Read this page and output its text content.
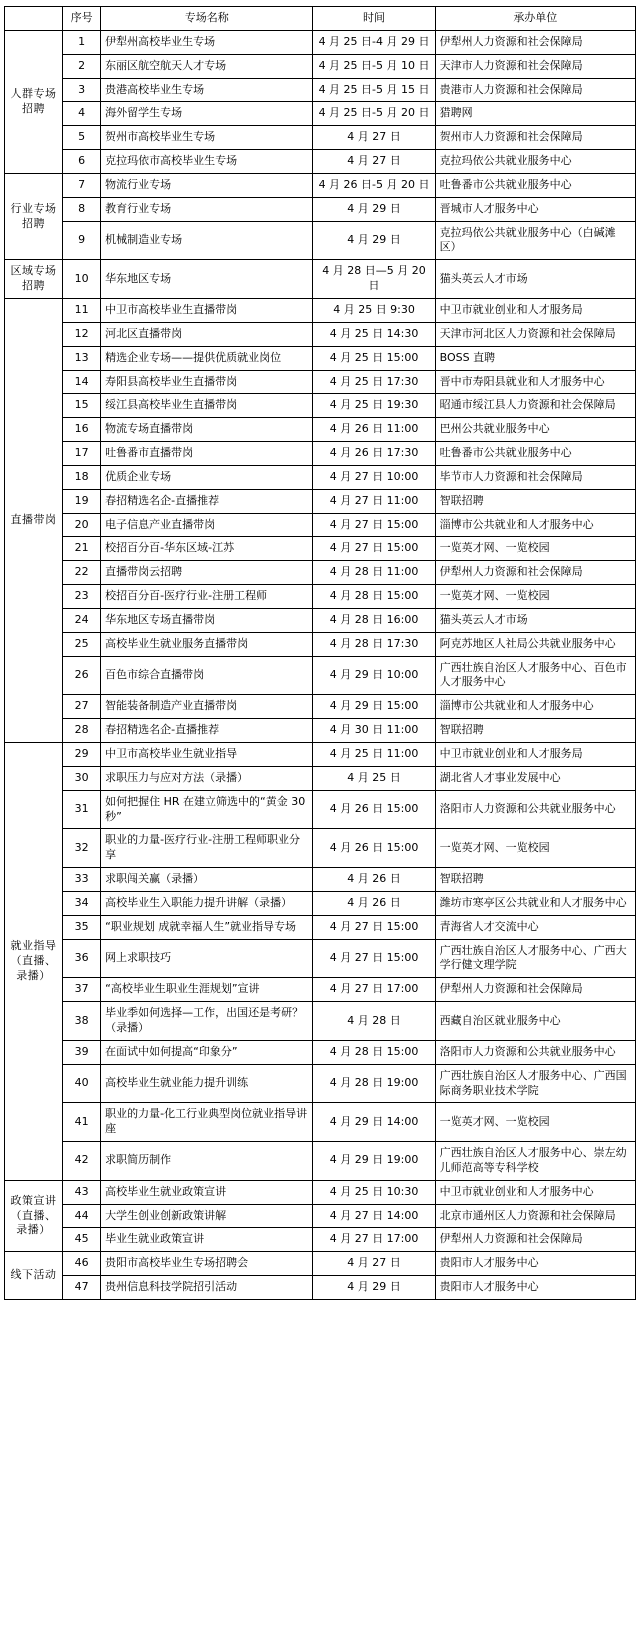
	序号	专场名称	时间	承办单位

人群专场招聘	1	伊犁州高校毕业生专场	4 月 25 日-4 月 29 日	伊犁州人力资源和社会保障局
	2	东丽区航空航天人才专场	4 月 25 日-5 月 10 日	天津市人力资源和社会保障局
	3	贵港高校毕业生专场	4 月 25 日-5 月 15 日	贵港市人力资源和社会保障局
	4	海外留学生专场	4 月 25 日-5 月 20 日	猎聘网
	5	贺州市高校毕业生专场	4 月 27 日	贺州市人力资源和社会保障局
	6	克拉玛依市高校毕业生专场	4 月 27 日	克拉玛依公共就业服务中心

行业专场招聘	7	物流行业专场	4 月 26 日-5 月 20 日	吐鲁番市公共就业服务中心
	8	教育行业专场	4 月 29 日	晋城市人才服务中心
	9	机械制造业专场	4 月 29 日	克拉玛依公共就业服务中心（白碱滩区）

区域专场招聘	10	华东地区专场	4 月 28 日—5 月 20 日	猫头英云人才市场

直播带岗	11	中卫市高校毕业生直播带岗	4 月 25 日 9:30	中卫市就业创业和人才服务局
	12	河北区直播带岗	4 月 25 日 14:30	天津市河北区人力资源和社会保障局
	13	精选企业专场——提供优质就业岗位	4 月 25 日 15:00	BOSS 直聘
	14	寿阳县高校毕业生直播带岗	4 月 25 日 17:30	晋中市寿阳县就业和人才服务中心
	15	绥江县高校毕业生直播带岗	4 月 25 日 19:30	昭通市绥江县人力资源和社会保障局
	16	物流专场直播带岗	4 月 26 日 11:00	巴州公共就业服务中心
	17	吐鲁番市直播带岗	4 月 26 日 17:30	吐鲁番市公共就业服务中心
	18	优质企业专场	4 月 27 日 10:00	毕节市人力资源和社会保障局
	19	春招精选名企-直播推荐	4 月 27 日 11:00	智联招聘
	20	电子信息产业直播带岗	4 月 27 日 15:00	淄博市公共就业和人才服务中心
	21	校招百分百-华东区域-江苏	4 月 27 日 15:00	一览英才网、一览校园
	22	直播带岗云招聘	4 月 28 日 11:00	伊犁州人力资源和社会保障局
	23	校招百分百-医疗行业-注册工程师	4 月 28 日 15:00	一览英才网、一览校园
	24	华东地区专场直播带岗	4 月 28 日 16:00	猫头英云人才市场
	25	高校毕业生就业服务直播带岗	4 月 28 日 17:30	阿克苏地区人社局公共就业服务中心
	26	百色市综合直播带岗	4 月 29 日 10:00	广西壮族自治区人才服务中心、百色市人才服务中心
	27	智能装备制造产业直播带岗	4 月 29 日 15:00	淄博市公共就业和人才服务中心
	28	春招精选名企-直播推荐	4 月 30 日 11:00	智联招聘

就业指导（直播、录播）	29	中卫市高校毕业生就业指导	4 月 25 日 11:00	中卫市就业创业和人才服务局
	30	求职压力与应对方法（录播）	4 月 25 日	湖北省人才事业发展中心
	31	如何把握住 HR 在建立筛选中的“黄金 30 秒”	4 月 26 日 15:00	洛阳市人力资源和公共就业服务中心
	32	职业的力量-医疗行业-注册工程师职业分享	4 月 26 日 15:00	一览英才网、一览校园
	33	求职闯关赢（录播）	4 月 26 日	智联招聘
	34	高校毕业生入职能力提升讲解（录播）	4 月 26 日	潍坊市寒亭区公共就业和人才服务中心
	35	“职业规划 成就幸福人生”就业指导专场	4 月 27 日 15:00	青海省人才交流中心
	36	网上求职技巧	4 月 27 日 15:00	广西壮族自治区人才服务中心、广西大学行健文理学院
	37	“高校毕业生职业生涯规划”宣讲	4 月 27 日 17:00	伊犁州人力资源和社会保障局
	38	毕业季如何选择—工作，出国还是考研？（录播）	4 月 28 日	西藏自治区就业服务中心
	39	在面试中如何提高“印象分”	4 月 28 日 15:00	洛阳市人力资源和公共就业服务中心
	40	高校毕业生就业能力提升训练	4 月 28 日 19:00	广西壮族自治区人才服务中心、广西国际商务职业技术学院
	41	职业的力量-化工行业典型岗位就业指导讲座	4 月 29 日 14:00	一览英才网、一览校园
	42	求职简历制作	4 月 29 日 19:00	广西壮族自治区人才服务中心、崇左幼儿师范高等专科学校

政策宣讲（直播、录播）	43	高校毕业生就业政策宣讲	4 月 25 日 10:30	中卫市就业创业和人才服务中心
	44	大学生创业创新政策讲解	4 月 27 日 14:00	北京市通州区人力资源和社会保障局
	45	毕业生就业政策宣讲	4 月 27 日 17:00	伊犁州人力资源和社会保障局

线下活动	46	贵阳市高校毕业生专场招聘会	4 月 27 日	贵阳市人才服务中心
	47	贵州信息科技学院招引活动	4 月 29 日	贵阳市人才服务中心
